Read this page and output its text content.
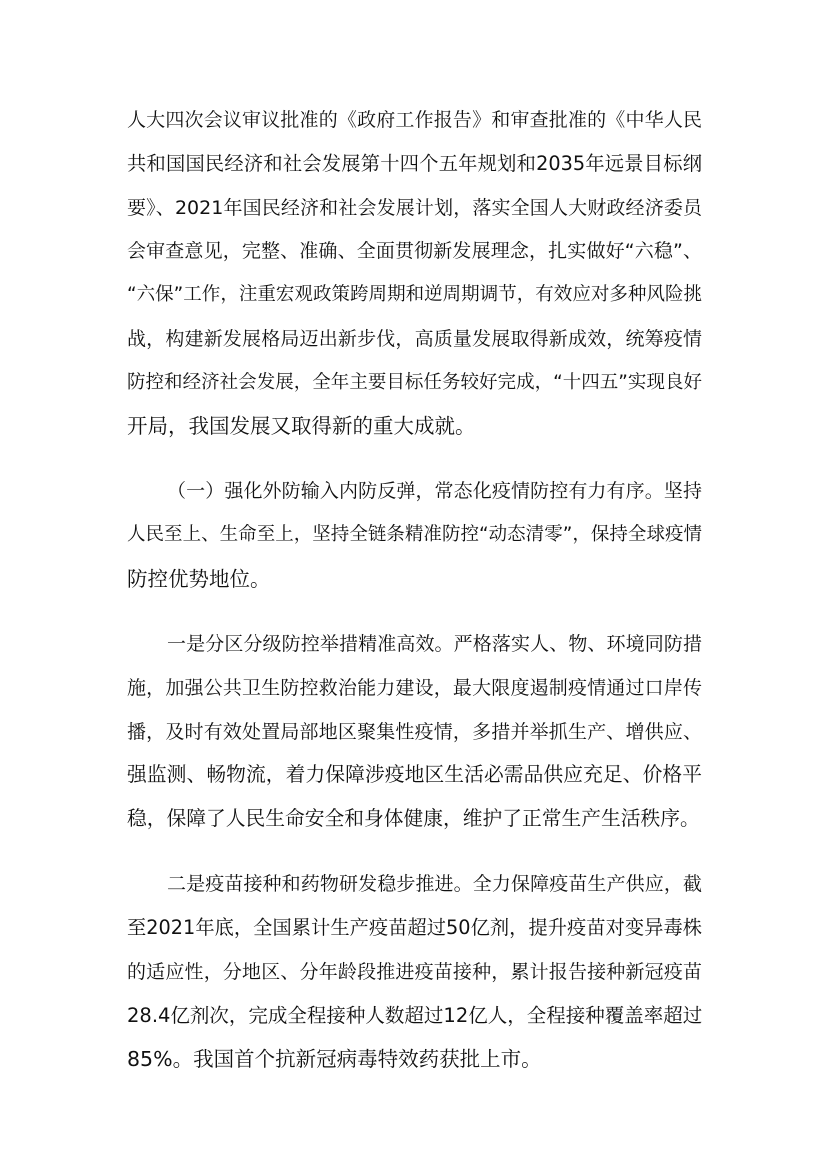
人大四次会议审议批准的《政府工作报告》和审查批准的《中华人民
共和国国民经济和社会发展第十四个五年规划和2035年远景目标纲
要》、2021年国民经济和社会发展计划，落实全国人大财政经济委员
会审查意见，完整、准确、全面贯彻新发展理念，扎实做好“六稳”、
“六保”工作，注重宏观政策跨周期和逆周期调节，有效应对多种风险挑
战，构建新发展格局迈出新步伐，高质量发展取得新成效，统筹疫情
防控和经济社会发展，全年主要目标任务较好完成，“十四五”实现良好
开局，我国发展又取得新的重大成就。
（一）强化外防输入内防反弹，常态化疫情防控有力有序。坚持
人民至上、生命至上，坚持全链条精准防控“动态清零”，保持全球疫情
防控优势地位。
一是分区分级防控举措精准高效。严格落实人、物、环境同防措
施，加强公共卫生防控救治能力建设，最大限度遏制疫情通过口岸传
播，及时有效处置局部地区聚集性疫情，多措并举抓生产、增供应、
强监测、畅物流，着力保障涉疫地区生活必需品供应充足、价格平
稳，保障了人民生命安全和身体健康，维护了正常生产生活秩序。
二是疫苗接种和药物研发稳步推进。全力保障疫苗生产供应，截
至2021年底，全国累计生产疫苗超过50亿剂，提升疫苗对变异毒株
的适应性，分地区、分年龄段推进疫苗接种，累计报告接种新冠疫苗
28.4亿剂次，完成全程接种人数超过12亿人，全程接种覆盖率超过
85%。我国首个抗新冠病毒特效药获批上市。
